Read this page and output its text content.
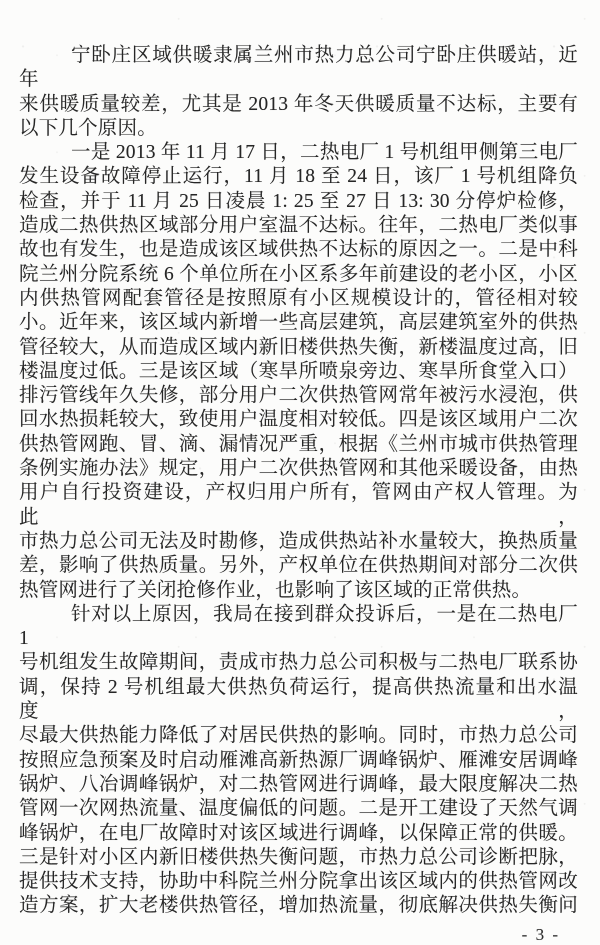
宁卧庄区域供暖隶属兰州市热力总公司宁卧庄供暖站，近年
来供暖质量较差，尤其是 2013 年冬天供暖质量不达标，主要有
以下几个原因。
一是 2013 年 11 月 17 日，二热电厂 1 号机组甲侧第三电厂
发生设备故障停止运行，11 月 18 至 24 日，该厂 1 号机组降负
检查，并于 11 月 25 日凌晨 1: 25 至 27 日 13: 30 分停炉检修，
造成二热供热区域部分用户室温不达标。往年，二热电厂类似事
故也有发生，也是造成该区域供热不达标的原因之一。二是中科
院兰州分院系统 6 个单位所在小区系多年前建设的老小区，小区
内供热管网配套管径是按照原有小区规模设计的，管径相对较
小。近年来，该区域内新增一些高层建筑，高层建筑室外的供热
管径较大，从而造成区域内新旧楼供热失衡，新楼温度过高，旧
楼温度过低。三是该区域（寒旱所喷泉旁边、寒旱所食堂入口）
排污管线年久失修，部分用户二次供热管网常年被污水浸泡，供
回水热损耗较大，致使用户温度相对较低。四是该区域用户二次
供热管网跑、冒、滴、漏情况严重，根据《兰州市城市供热管理
条例实施办法》规定，用户二次供热管网和其他采暖设备，由热
用户自行投资建设，产权归用户所有，管网由产权人管理。为此，
市热力总公司无法及时勘修，造成供热站补水量较大，换热质量
差，影响了供热质量。另外，产权单位在供热期间对部分二次供
热管网进行了关闭抢修作业，也影响了该区域的正常供热。
针对以上原因，我局在接到群众投诉后，一是在二热电厂 1
号机组发生故障期间，责成市热力总公司积极与二热电厂联系协
调，保持 2 号机组最大供热负荷运行，提高供热流量和出水温度，
尽最大供热能力降低了对居民供热的影响。同时，市热力总公司
按照应急预案及时启动雁滩高新热源厂调峰锅炉、雁滩安居调峰
锅炉、八冶调峰锅炉，对二热管网进行调峰，最大限度解决二热
管网一次网热流量、温度偏低的问题。二是开工建设了天然气调
峰锅炉，在电厂故障时对该区域进行调峰，以保障正常的供暖。
三是针对小区内新旧楼供热失衡问题，市热力总公司诊断把脉，
提供技术支持，协助中科院兰州分院拿出该区域内的供热管网改
造方案，扩大老楼供热管径，增加热流量，彻底解决供热失衡问
- 3 -
